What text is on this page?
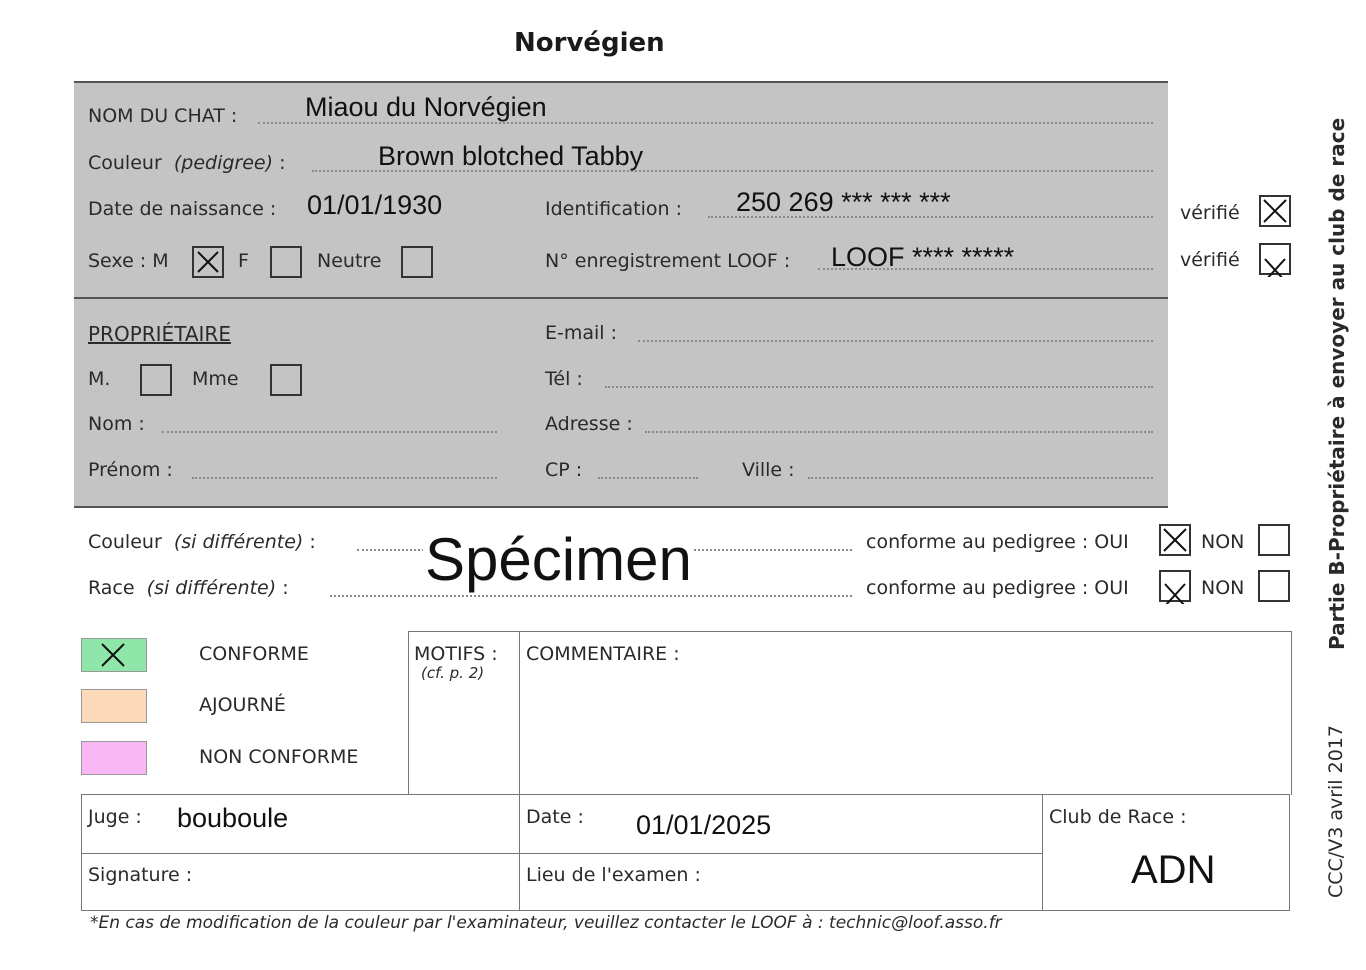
Norvégien
NOM DU CHAT :	Miaou du Norvégien
Couleur (pedigree) :	Brown blotched Tabby
Date de naissance : 01/01/1930	Identification : 250 269 *** *** ***	vérifié
Sexe : M	F	Neutre	N° enregistrement LOOF : LOOF **** *****	vérifié
PROPRIÉTAIRE
M.	Mme
Nom :
Prénom :
E-mail :
Tél :
Adresse :
CP :	Ville :
Couleur (si différente) :	conforme au pedigree : OUI	NON
Race (si différente) :	conforme au pedigree : OUI	NON
Spécimen
CONFORME
AJOURNÉ
NON CONFORME
MOTIFS :
(cf. p. 2)
COMMENTAIRE :
Juge : bouboule	Date : 01/01/2025	Club de Race :
ADN
Signature :	Lieu de l'examen :
*En cas de modification de la couleur par l'examinateur, veuillez contacter le LOOF à : technic@loof.asso.fr
Partie B-Propriétaire à envoyer au club de race
CCC/V3 avril 2017
